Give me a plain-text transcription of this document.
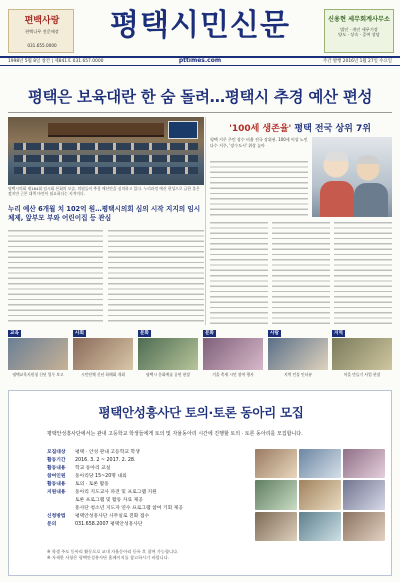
편백사랑
편백나무 전문매장
031.655.0000
평택시민신문	신용현 세무회계사무소
법인 · 개인 세무기장
양도 · 상속 · 증여 상담
1998년 5월 8일 창간 | 제841호 031.657.0000	pttimes.com	주간 발행 2016년 1월 27일 수요일
평택은 보육대란 한 숨 돌려…평택시 추경 예산 편성
평택시의회 제184회 임시회 본회의 모습. 의원들이 추경 예산안을 심의하고 있다. 누리과정 예산 편성으로 급한 불은 껐지만 근본 대책 마련이 필요하다는 지적이다.
누리 예산 6개월 치 102억 원…평택시의회 심의 시작 지지의 임시 체제, 앞부모 부와 어린이집 등 관심
'100세 생존율' 평택 전국 상위 7위
평택 거주 주민 장수 비율 전국 상위권. 100세 이상 노인 다수 거주, '장수도시' 위상 높아
교육	사회	문화	문화	사람	지역
평택교육지원청 신년 업무 보고	시민단체 신년 하례회 개최	평택시 문화예술 공연 현장	겨울 축제 시민 참여 행사	지역 인물 인터뷰	마을 만들기 사업 현장
평택안성흥사단 토의·토론 동아리 모집
평택안성흥사단에서는 관내 고등학교 학생들에게 토의 및 자율동아리 시간에 진행할 토의 · 토론 동아리를 모집합니다.
모집대상 평택 · 안성 관내 고등학교 학생
활동기간 2016. 3. 2 ~ 2017. 2. 28.
활동내용 학교 동아리 교실
참여인원 동아리당 15~20명 내외
활동내용 토의 · 토론 활동
지원내용 동아리 지도교사 파견 및 프로그램 지원
토론 프로그램 및 활동 자료 제공
흥사단 청소년 지도자 연수 프로그램 참여 기회 제공
신청방법 평택안성흥사단 사무실로 전화 접수
문의	031.658.2007 평택안성흥사단
※ 학생 주도 동아리 활동으로 교내 자율동아리 등록 후 참여 가능합니다.
※ 자세한 사항은 평택안성흥사단 홈페이지를 참고하시기 바랍니다.
